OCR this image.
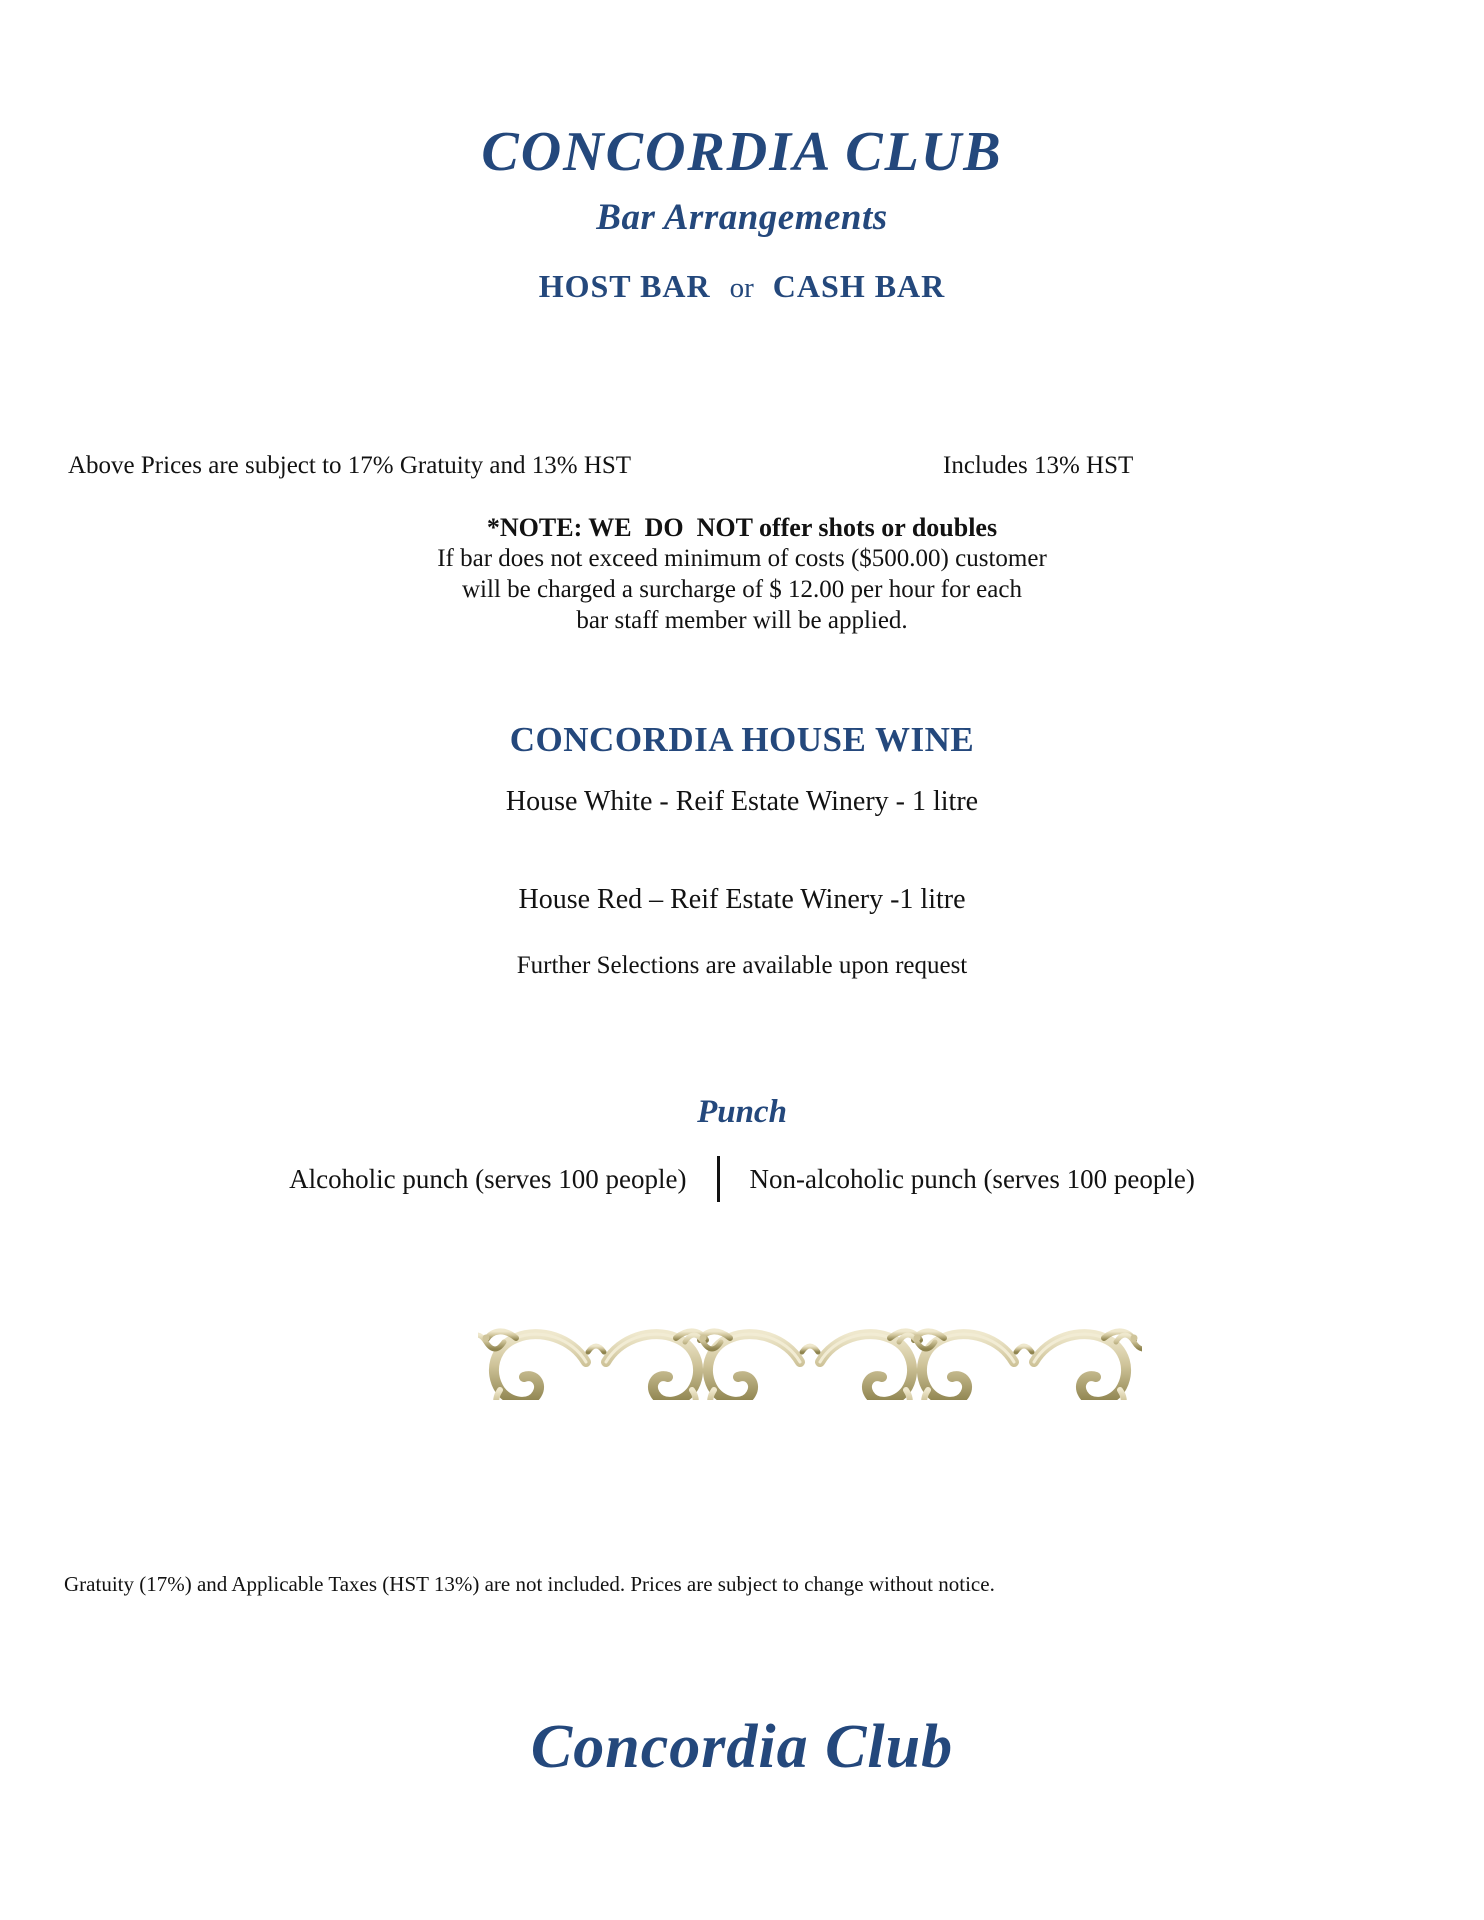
CONCORDIA CLUB
Bar Arrangements
HOST BAR or CASH BAR
Above Prices are subject to 17% Gratuity and 13% HST	Includes 13% HST
*NOTE: WE  DO  NOT offer shots or doubles
If bar does not exceed minimum of costs ($500.00) customer
will be charged a surcharge of $ 12.00 per hour for each
bar staff member will be applied.
CONCORDIA HOUSE WINE
House White - Reif Estate Winery - 1 litre
House Red – Reif Estate Winery -1 litre
Further Selections are available upon request
Punch
Alcoholic punch (serves 100 people) Non-alcoholic punch (serves 100 people)
Gratuity (17%) and Applicable Taxes (HST 13%) are not included. Prices are subject to change without notice.
Concordia Club
